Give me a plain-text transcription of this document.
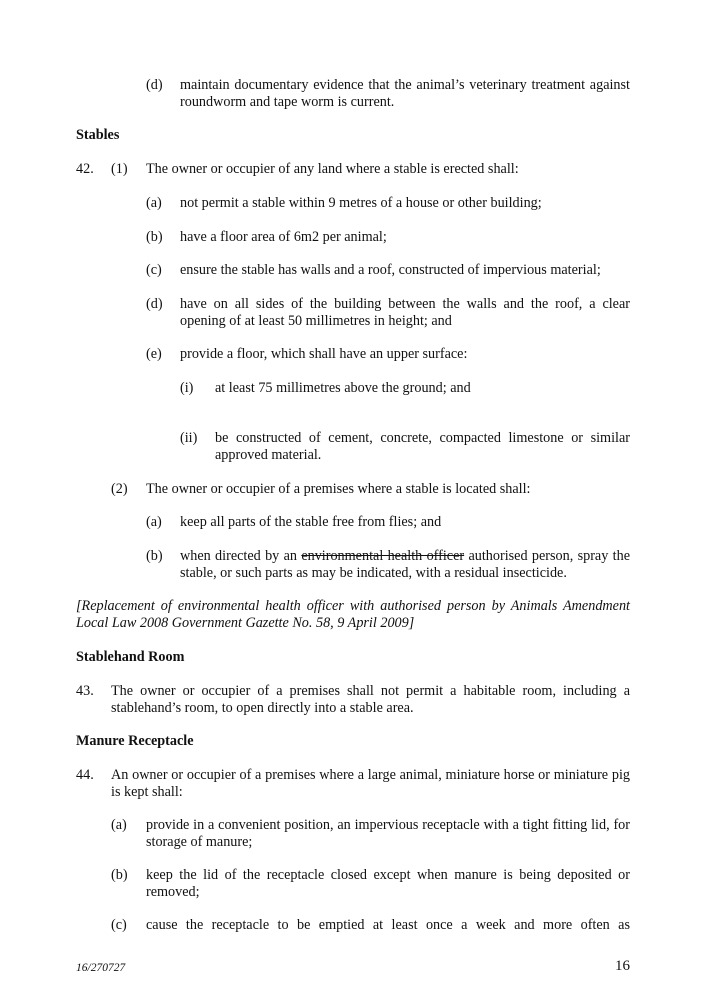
(d) maintain documentary evidence that the animal’s veterinary treatment against roundworm and tape worm is current.
Stables
42. (1) The owner or occupier of any land where a stable is erected shall:
(a) not permit a stable within 9 metres of a house or other building;
(b) have a floor area of 6m2 per animal;
(c) ensure the stable has walls and a roof, constructed of impervious material;
(d) have on all sides of the building between the walls and the roof, a clear opening of at least 50 millimetres in height; and
(e) provide a floor, which shall have an upper surface:
(i) at least 75 millimetres above the ground; and
(ii) be constructed of cement, concrete, compacted limestone or similar approved material.
(2) The owner or occupier of a premises where a stable is located shall:
(a) keep all parts of the stable free from flies; and
(b) when directed by an environmental health officer authorised person, spray the stable, or such parts as may be indicated, with a residual insecticide.
[Replacement of environmental health officer with authorised person by Animals Amendment Local Law 2008 Government Gazette No. 58, 9 April 2009]
Stablehand Room
43. The owner or occupier of a premises shall not permit a habitable room, including a stablehand’s room, to open directly into a stable area.
Manure Receptacle
44. An owner or occupier of a premises where a large animal, miniature horse or miniature pig is kept shall:
(a) provide in a convenient position, an impervious receptacle with a tight fitting lid, for storage of manure;
(b) keep the lid of the receptacle closed except when manure is being deposited or removed;
(c) cause the receptacle to be emptied at least once a week and more often as
16/270727	16
